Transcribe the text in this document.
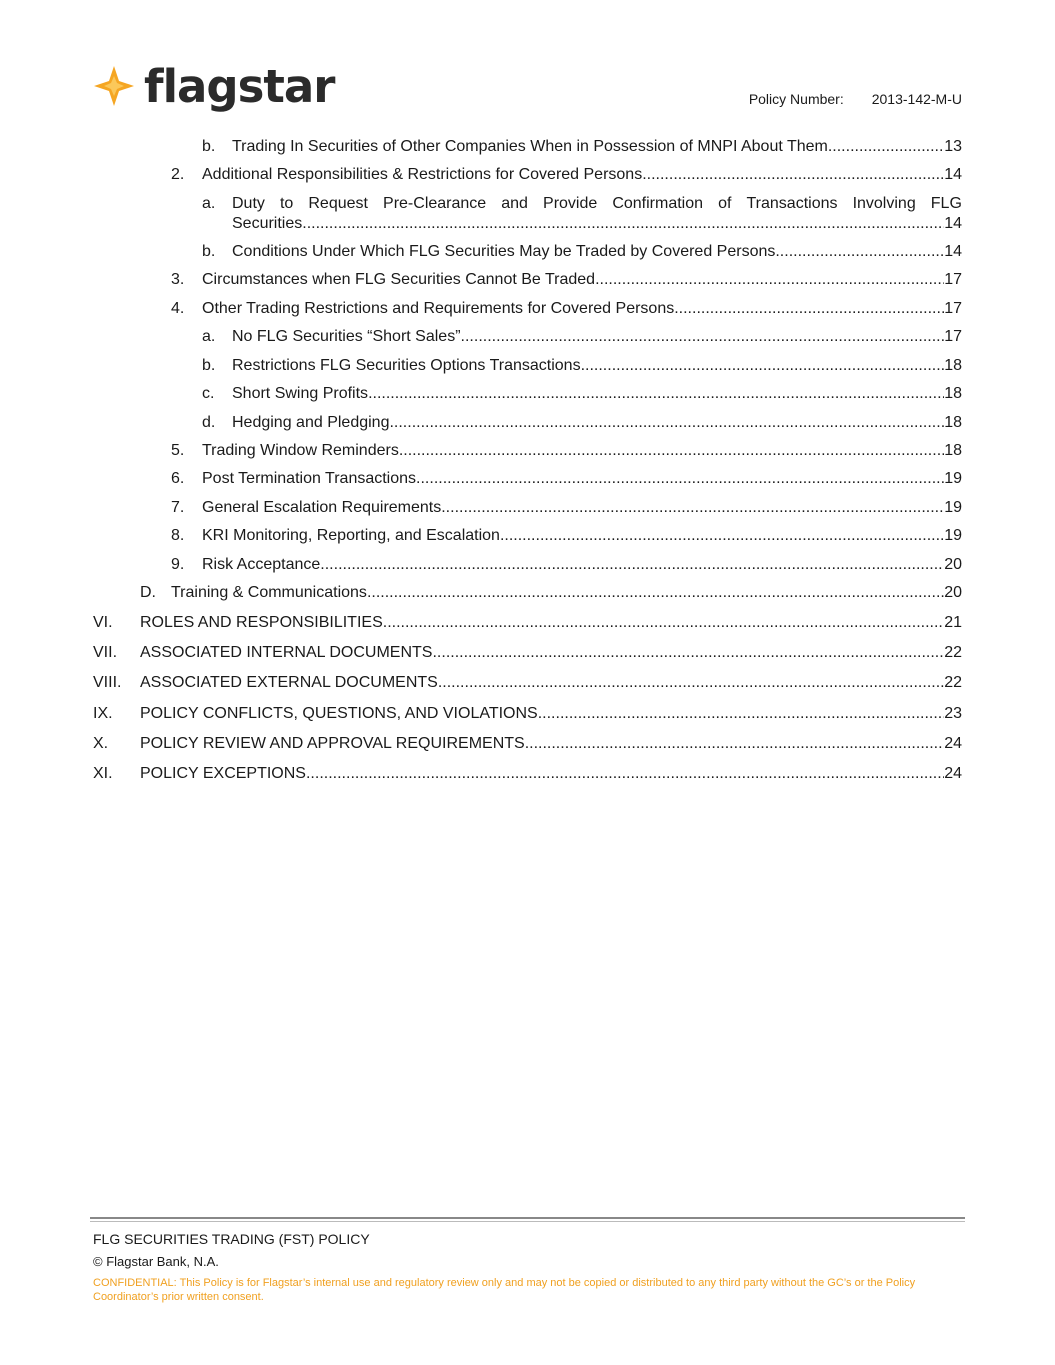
flagstar	Policy Number: 2013-142-M-U
b.	Trading In Securities of Other Companies When in Possession of MNPI About Them .....	13
2.	Additional Responsibilities & Restrictions for Covered Persons .....	14
a.	Duty to Request Pre-Clearance and Provide Confirmation of Transactions Involving FLG
Securities .....	14
b.	Conditions Under Which FLG Securities May be Traded by Covered Persons .....	14
3.	Circumstances when FLG Securities Cannot Be Traded .....	17
4.	Other Trading Restrictions and Requirements for Covered Persons .....	17
a.	No FLG Securities “Short Sales” .....	17
b.	Restrictions FLG Securities Options Transactions .....	18
c.	Short Swing Profits .....	18
d.	Hedging and Pledging .....	18
5.	Trading Window Reminders .....	18
6.	Post Termination Transactions .....	19
7.	General Escalation Requirements .....	19
8.	KRI Monitoring, Reporting, and Escalation .....	19
9.	Risk Acceptance .....	20
D. Training & Communications .....	20
VI.	ROLES AND RESPONSIBILITIES .....	21
VII.	ASSOCIATED INTERNAL DOCUMENTS .....	22
VIII.	ASSOCIATED EXTERNAL DOCUMENTS .....	22
IX.	POLICY CONFLICTS, QUESTIONS, AND VIOLATIONS .....	23
X.	POLICY REVIEW AND APPROVAL REQUIREMENTS .....	24
XI.	POLICY EXCEPTIONS .....	24
FLG SECURITIES TRADING (FST) POLICY
© Flagstar Bank, N.A.
CONFIDENTIAL: This Policy is for Flagstar’s internal use and regulatory review only and may not be copied or distributed to any third party without the GC’s or the Policy Coordinator’s prior written consent.
